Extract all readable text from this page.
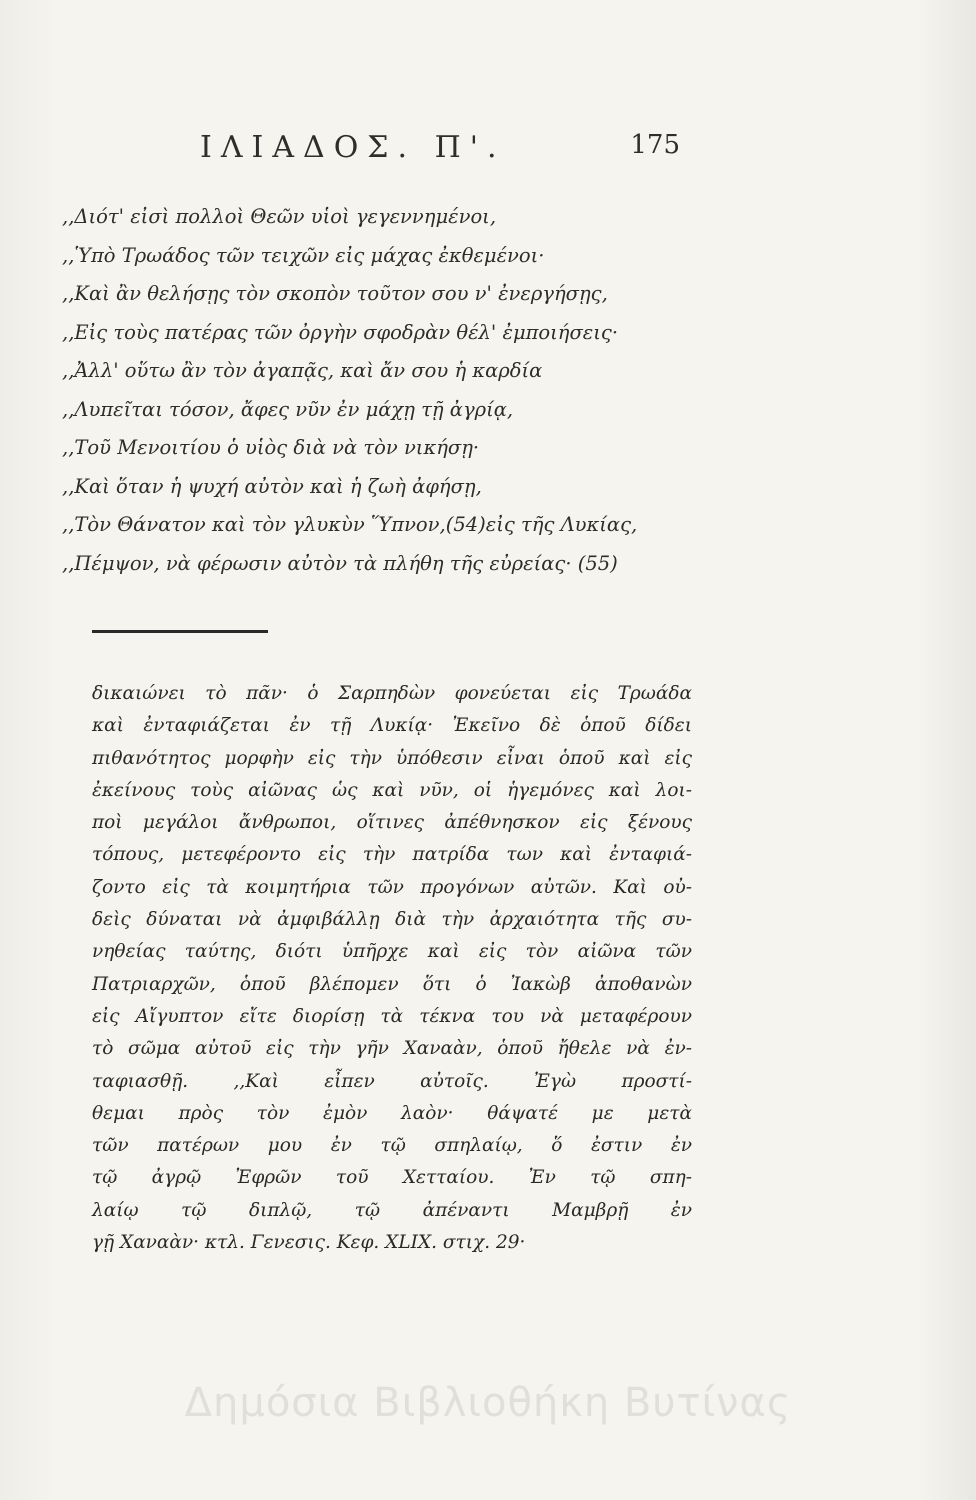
ΙΛΙΑΔΟΣ. Π'.	175
,,Διότ' εἰσὶ πολλοὶ Θεῶν υἱοὶ γεγεννημένοι,
,,Ὑπὸ Τρωάδος τῶν τειχῶν εἰς μάχας ἐκθεμένοι·
,,Καὶ ἂν θελήσῃς τὸν σκοπὸν τοῦτον σου ν' ἐνεργήσῃς,
,,Εἰς τοὺς πατέρας τῶν ὀργὴν σφοδρὰν θέλ' ἐμποιήσεις·
,,Ἀλλ' οὕτω ἂν τὸν ἀγαπᾷς, καὶ ἄν σου ἡ καρδία
,,Λυπεῖται τόσον, ἄφες νῦν ἐν μάχῃ τῇ ἀγρίᾳ,
,,Τοῦ Μενοιτίου ὁ υἱὸς διὰ νὰ τὸν νικήσῃ·
,,Καὶ ὅταν ἡ ψυχή αὐτὸν καὶ ἡ ζωὴ ἀφήσῃ,
,,Τὸν Θάνατον καὶ τὸν γλυκὺν Ὕπνον,(54)εἰς τῆς Λυκίας,
,,Πέμψον, νὰ φέρωσιν αὐτὸν τὰ πλήθη τῆς εὐρείας· (55)
δικαιώνει τὸ πᾶν· ὁ Σαρπηδὼν φονεύεται εἰς Τρωάδα
καὶ ἐνταφιάζεται ἐν τῇ Λυκίᾳ· Ἐκεῖνο δὲ ὁποῦ δίδει
πιθανότητος μορφὴν εἰς τὴν ὑπόθεσιν εἶναι ὁποῦ καὶ εἰς
ἐκείνους τοὺς αἰῶνας ὡς καὶ νῦν, οἱ ἡγεμόνες καὶ λοι-
ποὶ μεγάλοι ἄνθρωποι, οἵτινες ἀπέθνησκον εἰς ξένους
τόπους, μετεφέροντο εἰς τὴν πατρίδα των καὶ ἐνταφιά-
ζοντο εἰς τὰ κοιμητήρια τῶν προγόνων αὐτῶν. Καὶ οὐ-
δεὶς δύναται νὰ ἀμφιβάλλῃ διὰ τὴν ἀρχαιότητα τῆς συ-
νηθείας ταύτης, διότι ὑπῆρχε καὶ εἰς τὸν αἰῶνα τῶν
Πατριαρχῶν, ὁποῦ βλέπομεν ὅτι ὁ Ἰακὼβ ἀποθανὼν
εἰς Αἴγυπτον εἴτε διορίσῃ τὰ τέκνα του νὰ μεταφέρουν
τὸ σῶμα αὐτοῦ εἰς τὴν γῆν Χαναὰν, ὁποῦ ἤθελε νὰ ἐν-
ταφιασθῇ. ,,Καὶ εἶπεν αὐτοῖς. Ἐγὼ προστί-
θεμαι πρὸς τὸν ἐμὸν λαὸν· θάψατέ με μετὰ
τῶν πατέρων μου ἐν τῷ σπηλαίῳ, ὅ ἐστιν ἐν
τῷ ἀγρῷ Ἐφρῶν τοῦ Χετταίου. Ἐν τῷ σπη-
λαίῳ τῷ διπλῷ, τῷ ἀπέναντι Μαμβρῇ ἐν
γῇ Χαναὰν· κτλ. Γενεσις. Κεφ. XLIX. στιχ. 29·
Δημόσια Βιβλιοθήκη Βυτίνας
